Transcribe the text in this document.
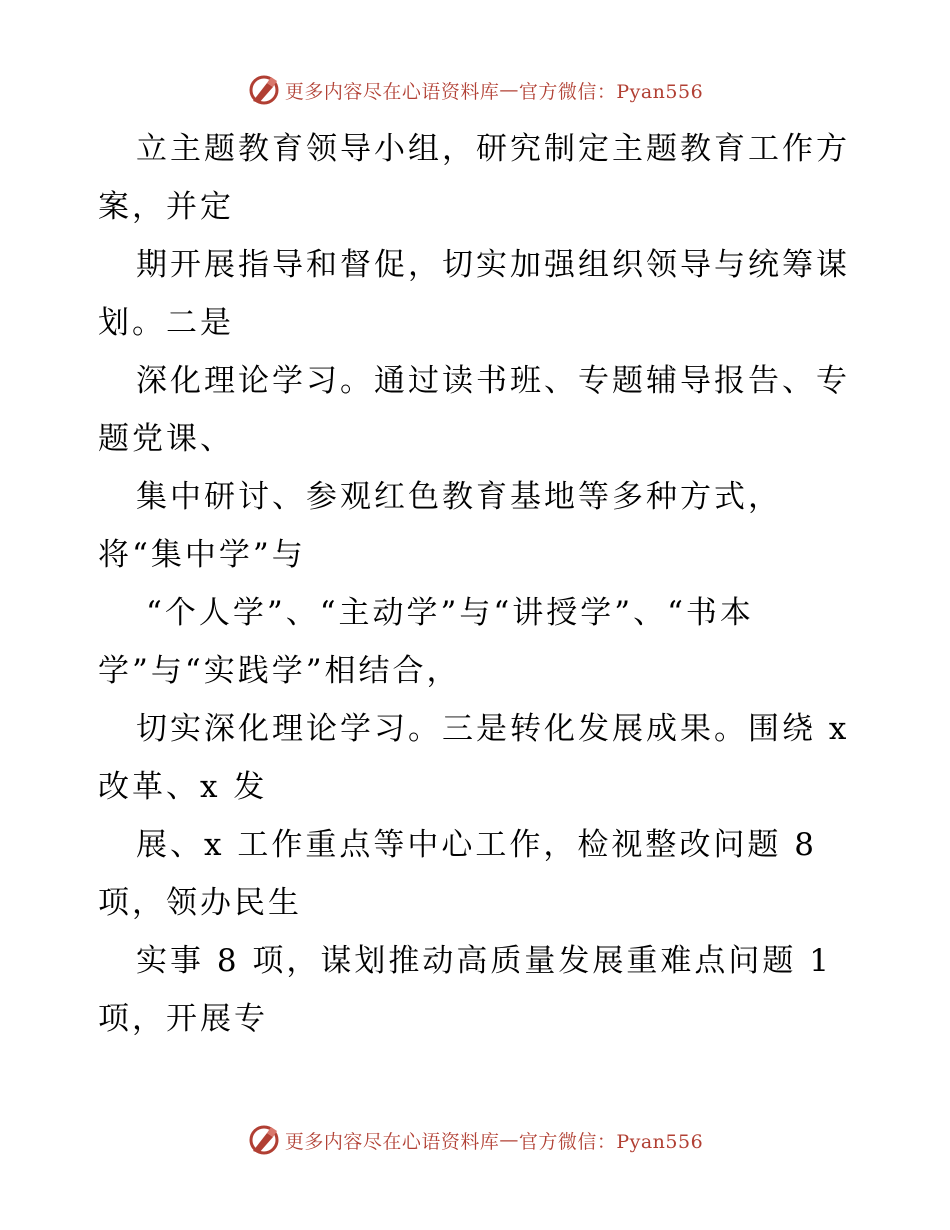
更多内容尽在心语资料库 — 官方微信：Pyan556
立主题教育领导小组，研究制定主题教育工作方
案，并定
期开展指导和督促，切实加强组织领导与统筹谋
划。二是
深化理论学习。通过读书班、专题辅导报告、专
题党课、
集中研讨、参观红色教育基地等多种方式，
将“集中学”与
“个人学”、“主动学”与“讲授学”、“书本
学”与“实践学”相结合，
切实深化理论学习。三是转化发展成果。围绕 x
改革、x 发
展、x 工作重点等中心工作，检视整改问题 8
项，领办民生
实事 8 项，谋划推动高质量发展重难点问题 1
项，开展专
更多内容尽在心语资料库 — 官方微信：Pyan556
